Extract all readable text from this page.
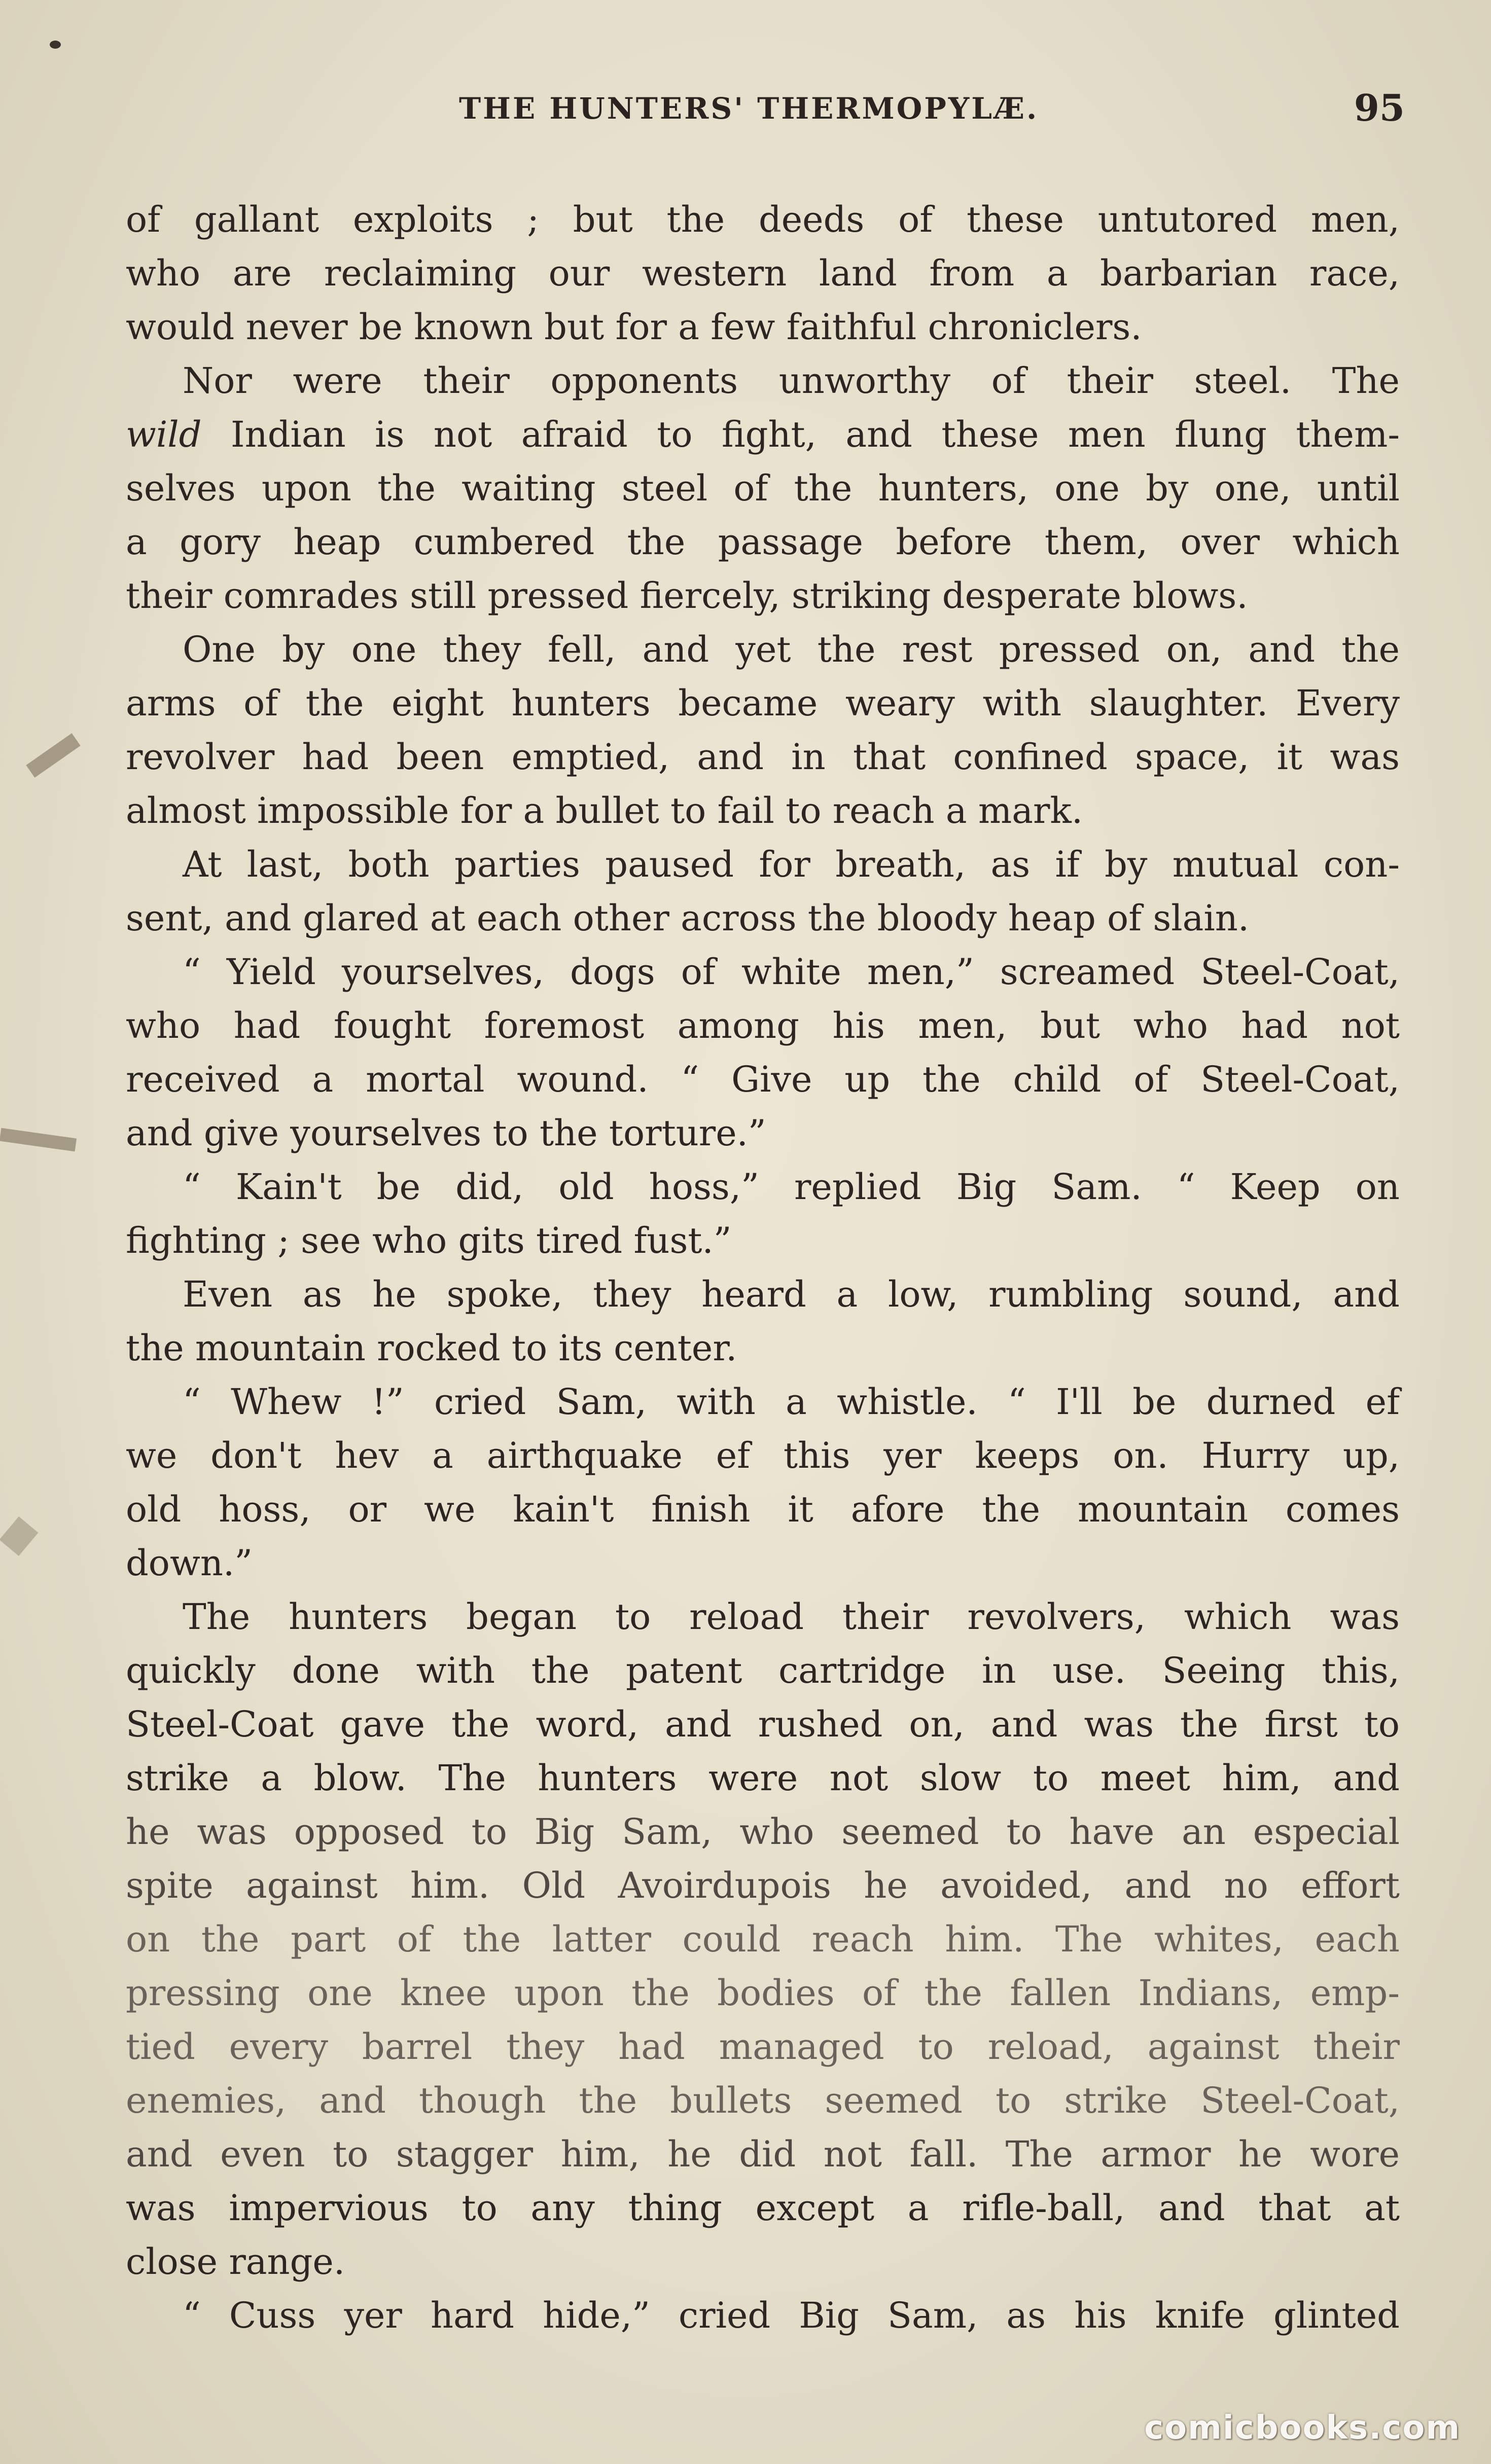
THE HUNTERS' THERMOPYLÆ.	95
of gallant exploits ; but the deeds of these untutored men,
who are reclaiming our western land from a barbarian race,
would never be known but for a few faithful chroniclers.
Nor were their opponents unworthy of their steel. The
wild Indian is not afraid to fight, and these men flung them-
selves upon the waiting steel of the hunters, one by one, until
a gory heap cumbered the passage before them, over which
their comrades still pressed fiercely, striking desperate blows.
One by one they fell, and yet the rest pressed on, and the
arms of the eight hunters became weary with slaughter. Every
revolver had been emptied, and in that confined space, it was
almost impossible for a bullet to fail to reach a mark.
At last, both parties paused for breath, as if by mutual con-
sent, and glared at each other across the bloody heap of slain.
“ Yield yourselves, dogs of white men,” screamed Steel-Coat,
who had fought foremost among his men, but who had not
received a mortal wound. “ Give up the child of Steel-Coat,
and give yourselves to the torture.”
“ Kain't be did, old hoss,” replied Big Sam. “ Keep on
fighting ; see who gits tired fust.”
Even as he spoke, they heard a low, rumbling sound, and
the mountain rocked to its center.
“ Whew !” cried Sam, with a whistle. “ I'll be durned ef
we don't hev a airthquake ef this yer keeps on. Hurry up,
old hoss, or we kain't finish it afore the mountain comes
down.”
The hunters began to reload their revolvers, which was
quickly done with the patent cartridge in use. Seeing this,
Steel-Coat gave the word, and rushed on, and was the first to
strike a blow. The hunters were not slow to meet him, and
he was opposed to Big Sam, who seemed to have an especial
spite against him. Old Avoirdupois he avoided, and no effort
on the part of the latter could reach him. The whites, each
pressing one knee upon the bodies of the fallen Indians, emp-
tied every barrel they had managed to reload, against their
enemies, and though the bullets seemed to strike Steel-Coat,
and even to stagger him, he did not fall. The armor he wore
was impervious to any thing except a rifle-ball, and that at
close range.
“ Cuss yer hard hide,” cried Big Sam, as his knife glinted
comicbooks.com
